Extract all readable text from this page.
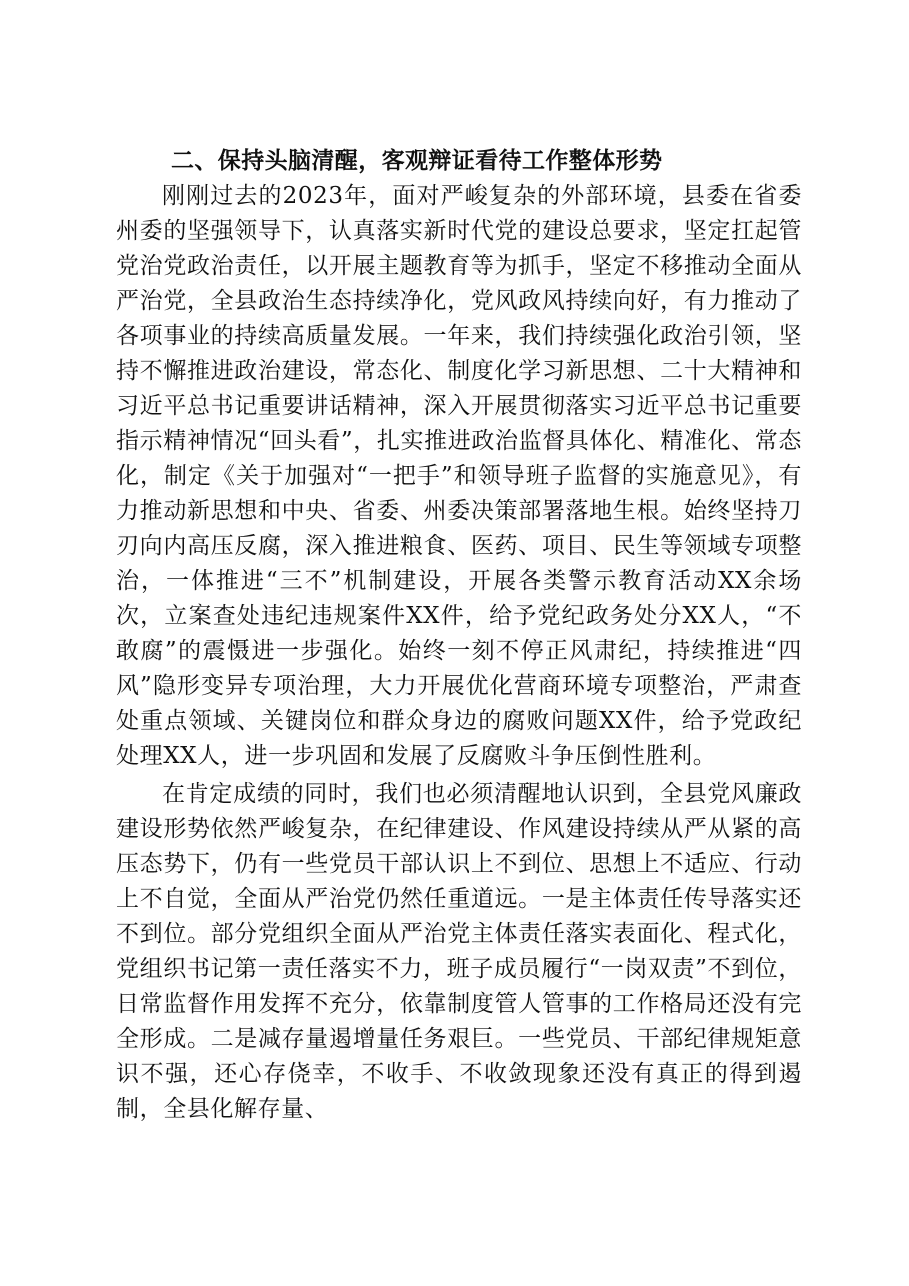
二、保持头脑清醒，客观辩证看待工作整体形势

刚刚过去的2023年，面对严峻复杂的外部环境，县委在省委州委的坚强领导下，认真落实新时代党的建设总要求，坚定扛起管党治党政治责任，以开展主题教育等为抓手，坚定不移推动全面从严治党，全县政治生态持续净化，党风政风持续向好，有力推动了各项事业的持续高质量发展。一年来，我们持续强化政治引领，坚持不懈推进政治建设，常态化、制度化学习新思想、二十大精神和习近平总书记重要讲话精神，深入开展贯彻落实习近平总书记重要指示精神情况“回头看”，扎实推进政治监督具体化、精准化、常态化，制定《关于加强对“一把手”和领导班子监督的实施意见》，有力推动新思想和中央、省委、州委决策部署落地生根。始终坚持刀刃向内高压反腐，深入推进粮食、医药、项目、民生等领域专项整治，一体推进“三不”机制建设，开展各类警示教育活动XX余场次，立案查处违纪违规案件XX件，给予党纪政务处分XX人，“不敢腐”的震慑进一步强化。始终一刻不停正风肃纪，持续推进“四风”隐形变异专项治理，大力开展优化营商环境专项整治，严肃查处重点领域、关键岗位和群众身边的腐败问题XX件，给予党政纪处理XX人，进一步巩固和发展了反腐败斗争压倒性胜利。

在肯定成绩的同时，我们也必须清醒地认识到，全县党风廉政建设形势依然严峻复杂，在纪律建设、作风建设持续从严从紧的高压态势下，仍有一些党员干部认识上不到位、思想上不适应、行动上不自觉，全面从严治党仍然任重道远。一是主体责任传导落实还不到位。部分党组织全面从严治党主体责任落实表面化、程式化，党组织书记第一责任落实不力，班子成员履行“一岗双责”不到位，日常监督作用发挥不充分，依靠制度管人管事的工作格局还没有完全形成。二是减存量遏增量任务艰巨。一些党员、干部纪律规矩意识不强，还心存侥幸，不收手、不收敛现象还没有真正的得到遏制，全县化解存量、
